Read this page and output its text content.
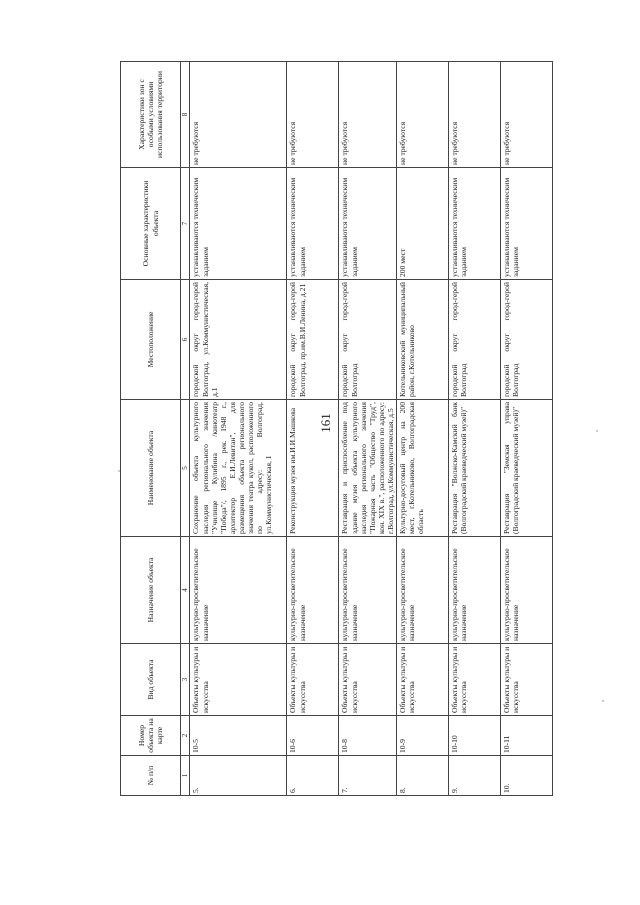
161
№ п/п	Номер объекта на карте	Вид объекта	Назначение объекта	Наименование объекта	Местоположение	Основные характеристики объекта	Характеристики зон с особыми условиями использования территории
1	2	3	4	5	6	7	8
5.	10-5	Объекты культуры и искусства	культурно-просветительское назначение	Сохранение объекта культурного наследия регионального значения "Училище Кулибина /кинотеатр "Победа"/, 1895 г., рек. 1948 г., архитектор Е.И.Левитан", для размещения объекта регионального значения театра кукол, расположенного по адресу: Волгоград, ул.Коммунистическая, 1	городской округ город-герой Волгоград, ул.Коммунистическая, д.1	устанавливаются техническим заданием	не требуются
6.	10-6	Объекты культуры и искусства	культурно-просветительское назначение	Реконструкция музея им.И.И.Машкова	городской округ город-герой Волгоград, пр.им.В.И.Ленина, д.21	устанавливаются техническим заданием	не требуются
7.	10-8	Объекты культуры и искусства	культурно-просветительское назначение	Реставрация и приспособление под здание музея объекта культурного наследия регионального значения "Пожарная часть "Общество "Труд", кон. XIX в.", расположенного по адресу: г.Волгоград, ул.Коммунистическая, д.5	городской округ город-герой Волгоград	устанавливаются техническим заданием	не требуются
8.	10-9	Объекты культуры и искусства	культурно-просветительское назначение	Культурно-досуговый центр на 200 мест, г.Котельниково, Волгоградская область	Котельниковский муниципальный район, г.Котельниково	200 мест	не требуются
9.	10-10	Объекты культуры и искусства	культурно-просветительское назначение	Реставрация "Волжско-Камский банк (Волгоградский краеведческий музей)"	городской округ город-герой Волгоград	устанавливаются техническим заданием	не требуются
10.	10-11	Объекты культуры и искусства	культурно-просветительское назначение	Реставрация "Земская управа (Волгоградский краеведческий музей)"	городской округ город-герой Волгоград	устанавливаются техническим заданием	не требуются
